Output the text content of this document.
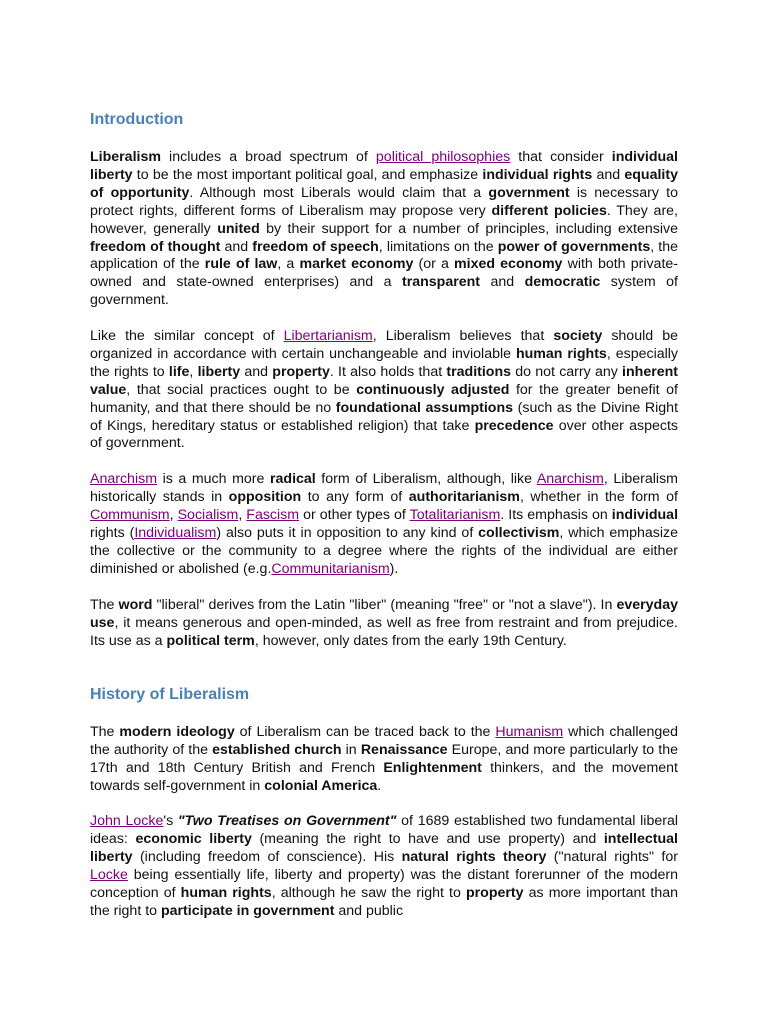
Introduction

Liberalism includes a broad spectrum of political philosophies that consider individual liberty to be the most important political goal, and emphasize individual rights and equality of opportunity. Although most Liberals would claim that a government is necessary to protect rights, different forms of Liberalism may propose very different policies. They are, however, generally united by their support for a number of principles, including extensive freedom of thought and freedom of speech, limitations on the power of governments, the application of the rule of law, a market economy (or a mixed economy with both private-owned and state-owned enterprises) and a transparent and democratic system of government.

Like the similar concept of Libertarianism, Liberalism believes that society should be organized in accordance with certain unchangeable and inviolable human rights, especially the rights to life, liberty and property. It also holds that traditions do not carry any inherent value, that social practices ought to be continuously adjusted for the greater benefit of humanity, and that there should be no foundational assumptions (such as the Divine Right of Kings, hereditary status or established religion) that take precedence over other aspects of government.

Anarchism is a much more radical form of Liberalism, although, like Anarchism, Liberalism historically stands in opposition to any form of authoritarianism, whether in the form of Communism, Socialism, Fascism or other types of Totalitarianism. Its emphasis on individual rights (Individualism) also puts it in opposition to any kind of collectivism, which emphasize the collective or the community to a degree where the rights of the individual are either diminished or abolished (e.g.Communitarianism).

The word "liberal" derives from the Latin "liber" (meaning "free" or "not a slave"). In everyday use, it means generous and open-minded, as well as free from restraint and from prejudice. Its use as a political term, however, only dates from the early 19th Century.

History of Liberalism

The modern ideology of Liberalism can be traced back to the Humanism which challenged the authority of the established church in Renaissance Europe, and more particularly to the 17th and 18th Century British and French Enlightenment thinkers, and the movement towards self-government in colonial America.

John Locke's "Two Treatises on Government" of 1689 established two fundamental liberal ideas: economic liberty (meaning the right to have and use property) and intellectual liberty (including freedom of conscience). His natural rights theory ("natural rights" for Locke being essentially life, liberty and property) was the distant forerunner of the modern conception of human rights, although he saw the right to property as more important than the right to participate in government and public
